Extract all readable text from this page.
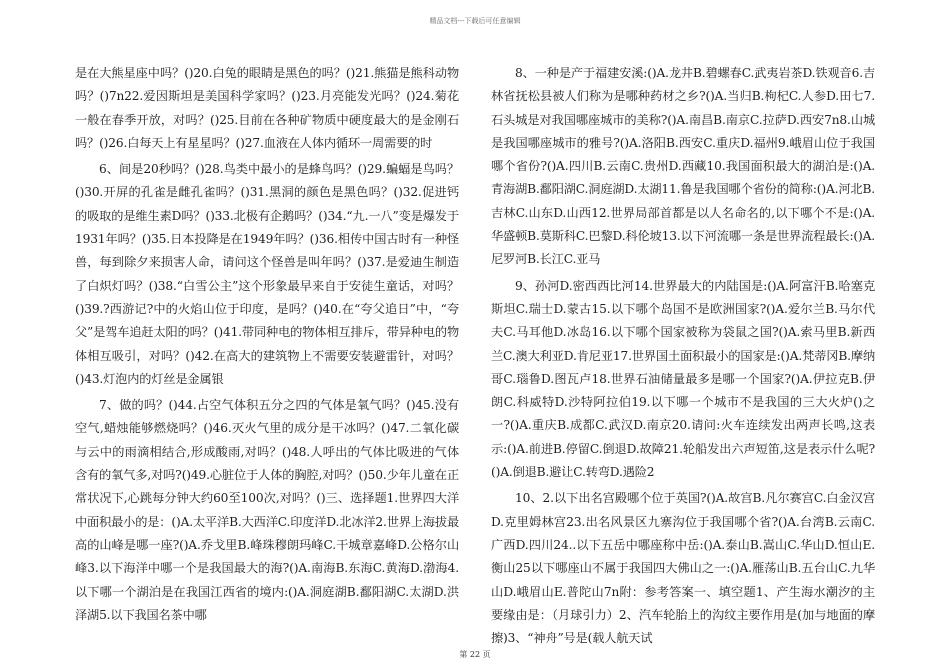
精品文档---下载后可任意编辑

是在大熊星座中吗？()20.白兔的眼睛是黑色的吗？()21.熊猫是熊科动物吗？()7n22.爱因斯坦是美国科学家吗？()23.月亮能发光吗？()24.菊花一般在春季开放，对吗？()25.目前在各种矿物质中硬度最大的是金刚石吗？()26.白每天上有星星吗？()27.血液在人体内循环一周需要的时

6、间是20秒吗？()28.鸟类中最小的是蜂鸟吗？()29.蝙蝠是鸟吗？()30.开屏的孔雀是雌孔雀吗？()31.黑洞的颜色是黑色吗？()32.促进钙的吸取的是维生素D吗？()33.北极有企鹅吗？()34.“九.一八”变是爆发于1931年吗？()35.日本投降是在1949年吗？()36.相传中国古时有一种怪兽，每到除夕来损害人命，请问这个怪兽是叫年吗？()37.是爱迪生制造了白炽灯吗？()38.“白雪公主”这个形象最早来自于安徒生童话，对吗？()39.?西游记?中的火焰山位于印度，是吗？()40.在“夸父追日”中，“夸父”是驾车追赶太阳的吗？()41.带同种电的物体相互排斥，带异种电的物体相互吸引，对吗？()42.在高大的建筑物上不需要安装避雷针，对吗？()43.灯泡内的灯丝是金属银

7、做的吗？()44.占空气体积五分之四的气体是氧气吗？()45.没有空气,蜡烛能够燃烧吗？()46.灭火气里的成分是干冰吗？()47.二氧化碳与云中的雨滴相结合,形成酸雨,对吗？()48.人呼出的气体比吸进的气体含有的氧气多,对吗?()49.心脏位于人体的胸腔,对吗？()50.少年儿童在正常状况下,心跳每分钟大约60至100次,对吗？()三、选择题1.世界四大洋中面积最小的是：()A.太平洋B.大西洋C.印度洋D.北冰洋2.世界上海拔最高的山峰是哪一座?()A.乔戈里B.峰珠穆朗玛峰C.干城章嘉峰D.公格尔山峰3.以下海洋中哪一个是我国最大的海?()A.南海B.东海C.黄海D.渤海4.以下哪一个湖泊是在我国江西省的境内:()A.洞庭湖B.鄱阳湖C.太湖D.洪泽湖5.以下我国名茶中哪

8、一种是产于福建安溪:()A.龙井B.碧螺春C.武夷岩茶D.铁观音6.吉林省抚松县被人们称为是哪种药材之乡?()A.当归B.枸杞C.人参D.田七7.石头城是对我国哪座城市的美称?()A.南昌B.南京C.拉萨D.西安7n8.山城是我国哪座城市的雅号?()A.洛阳B.西安C.重庆D.福州9.峨眉山位于我国哪个省份?()A.四川B.云南C.贵州D.西藏10.我国面积最大的湖泊是:()A.青海湖B.鄱阳湖C.洞庭湖D.太湖11.鲁是我国哪个省份的简称:()A.河北B.吉林C.山东D.山西12.世界局部首都是以人名命名的,以下哪个不是:()A.华盛顿B.莫斯科C.巴黎D.科伦坡13.以下河流哪一条是世界流程最长:()A.尼罗河B.长江C.亚马

9、孙河D.密西西比河14.世界最大的内陆国是:()A.阿富汗B.哈塞克斯坦C.瑞士D.蒙古15.以下哪个岛国不是欧洲国家?()A.爱尔兰B.马尔代夫C.马耳他D.冰岛16.以下哪个国家被称为袋鼠之国?()A.索马里B.新西兰C.澳大利亚D.肯尼亚17.世界国土面积最小的国家是:()A.梵蒂冈B.摩纳哥C.瑙鲁D.图瓦卢18.世界石油储量最多是哪一个国家?()A.伊拉克B.伊朗C.科威特D.沙特阿拉伯19.以下哪一个城市不是我国的三大火炉()之一?()A.重庆B.成都C.武汉D.南京20.请问:火车连续发出两声长鸣,这表示:()A.前进B.停留C.倒退D.故障21.轮船发出六声短笛,这是表示什么呢?()A.倒退B.避让C.转弯D.遇险2

10、2.以下出名宫殿哪个位于英国?()A.故宫B.凡尔赛宫C.白金汉宫D.克里姆林宫23.出名风景区九寨沟位于我国哪个省?()A.台湾B.云南C.广西D.四川24..以下五岳中哪座称中岳:()A.泰山B.嵩山C.华山D.恒山E.衡山25以下哪座山不属于我国四大佛山之一:()A.雁荡山B.五台山C.九华山D.峨眉山E.普陀山7n附：参考答案一、填空题1、产生海水潮汐的主要缘由是：（月球引力）2、汽车轮胎上的沟纹主要作用是(加与地面的摩擦)3、“神舟”号是(载人航天试

第 22 页
